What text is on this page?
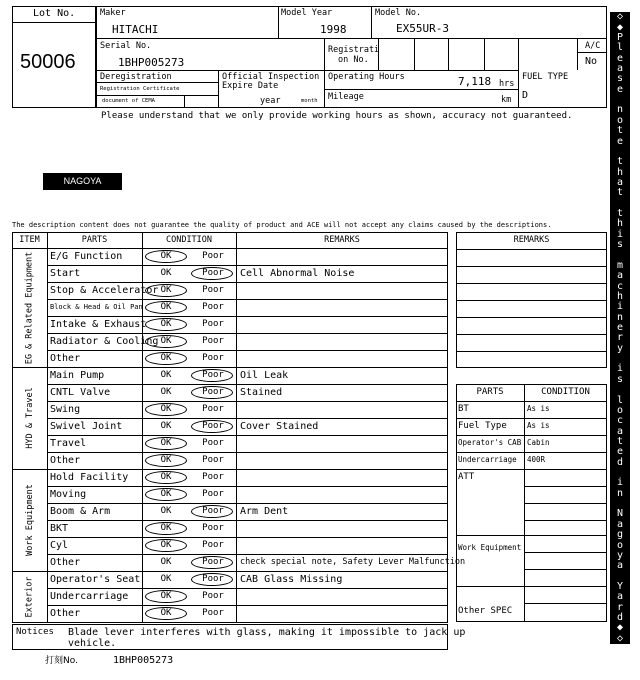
Lot No.
50006
Maker
HITACHI
Model Year
1998
Model No.
EX55UR-3
Serial No.
1BHP005273
Registrati
on No.
A/C
No
Deregistration
Registration Certificate
document of CEMA
Official Inspection
Expire Date
year	month
Operating Hours	7,118 hrs
Mileage	km
FUEL TYPE
D
Please understand that we only provide working hours as shown, accuracy not guaranteed.
NAGOYA
The description content does not guarantee the quality of product and ACE will not accept any claims caused by the descriptions.
ITEM	PARTS	CONDITION	REMARKS
E/G Function	OK	Poor
Start	OK	Poor	Cell Abnormal Noise
Stop & Accelerator OK	Poor
Block & Head & Oil Pan	OK	Poor
Intake & Exhaust	OK	Poor
Radiator & Cooling OK	Poor
Other	OK	Poor
EG & Related Equipment
Main Pump	OK	Poor	Oil Leak
CNTL Valve	OK	Poor	Stained
Swing	OK	Poor
Swivel Joint	OK	Poor	Cover Stained
Travel	OK	Poor
Other	OK	Poor
HYD & Travel
Hold Facility	OK	Poor
Moving	OK	Poor
Boom & Arm	OK	Poor	Arm Dent
BKT	OK	Poor
Cyl	OK	Poor
Other	OK	Poor	check special note, Safety Lever Malfunction
Work Equipment
Operator's Seat	OK	Poor	CAB Glass Missing
Undercarriage	OK	Poor
Other	OK	Poor
Exterior
REMARKS
PARTS	CONDITION
BT	As is
Fuel Type	As is
Operator's CAB Cabin
Undercarriage 400R
ATT
Work Equipment
Other SPEC
Notices Blade lever interferes with glass, making it impossible to jack up
vehicle.
打刻No.	1BHP005273
◇
◆
P
l
e
a
s
e
n
o
t
e
t
h
a
t
t
h
i
s
m
a
c
h
i
n
e
r
y
i
s
l
o
c
a
t
e
d
i
n
N
a
g
o
y
a
Y
a
r
d
◆
◇
